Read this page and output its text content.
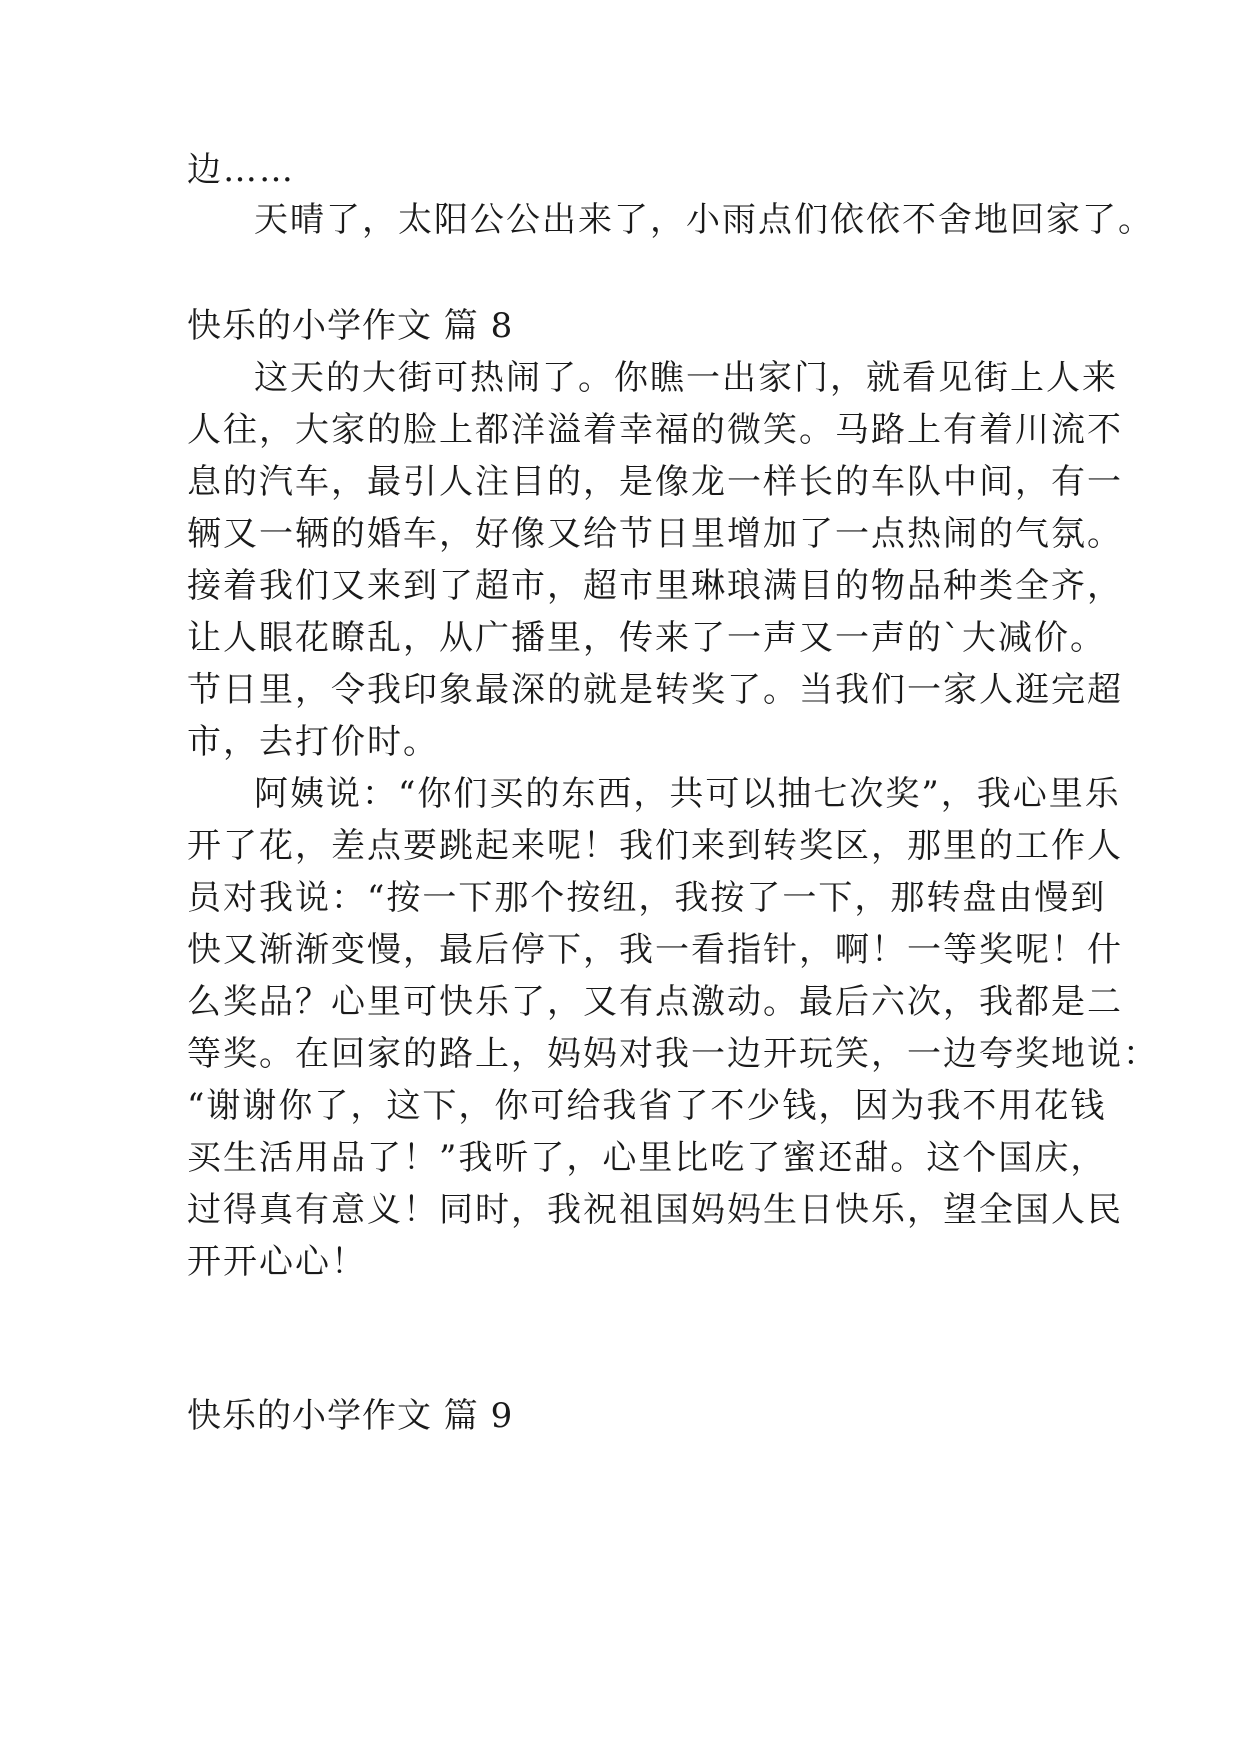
边……
天晴了，太阳公公出来了，小雨点们依依不舍地回家了。
快乐的小学作文 篇 8
这天的大街可热闹了。你瞧一出家门，就看见街上人来
人往，大家的脸上都洋溢着幸福的微笑。马路上有着川流不
息的汽车，最引人注目的，是像龙一样长的车队中间，有一
辆又一辆的婚车，好像又给节日里增加了一点热闹的气氛。
接着我们又来到了超市，超市里琳琅满目的物品种类全齐，
让人眼花瞭乱，从广播里，传来了一声又一声的`大减价。
节日里，令我印象最深的就是转奖了。当我们一家人逛完超
市，去打价时。
阿姨说：“你们买的东西，共可以抽七次奖”，我心里乐
开了花，差点要跳起来呢！我们来到转奖区，那里的工作人
员对我说：“按一下那个按纽，我按了一下，那转盘由慢到
快又渐渐变慢，最后停下，我一看指针，啊！一等奖呢！什
么奖品？心里可快乐了，又有点激动。最后六次，我都是二
等奖。在回家的路上，妈妈对我一边开玩笑，一边夸奖地说：
“谢谢你了，这下，你可给我省了不少钱，因为我不用花钱
买生活用品了！”我听了，心里比吃了蜜还甜。这个国庆，
过得真有意义！同时，我祝祖国妈妈生日快乐，望全国人民
开开心心！
快乐的小学作文 篇 9
